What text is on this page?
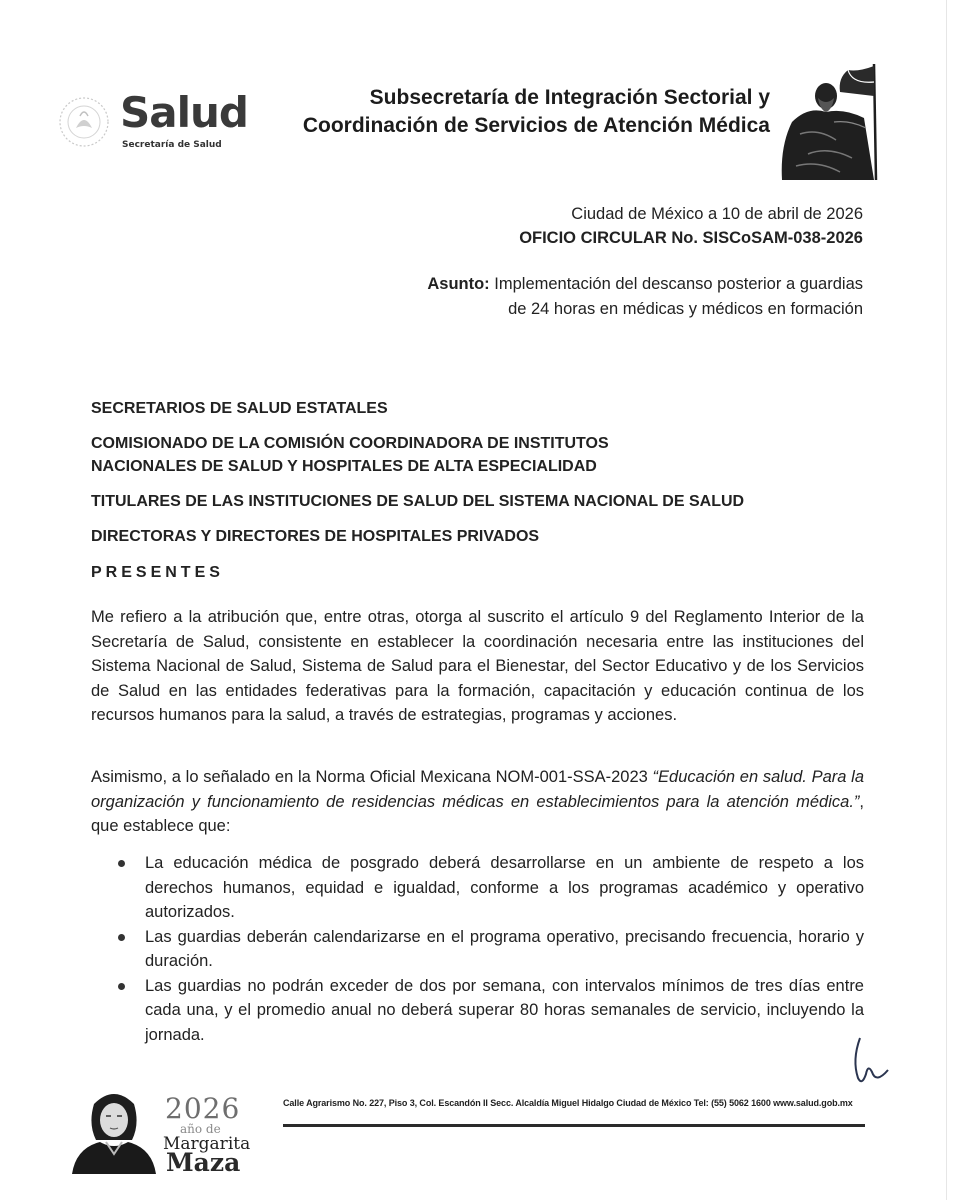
Salud
Secretaría de Salud
Subsecretaría de Integración Sectorial y
Coordinación de Servicios de Atención Médica
Ciudad de México a 10 de abril de 2026
OFICIO CIRCULAR No. SISCoSAM-038-2026
Asunto: Implementación del descanso posterior a guardias
de 24 horas en médicas y médicos en formación
SECRETARIOS DE SALUD ESTATALES
COMISIONADO DE LA COMISIÓN COORDINADORA DE INSTITUTOS
NACIONALES DE SALUD Y HOSPITALES DE ALTA ESPECIALIDAD
TITULARES DE LAS INSTITUCIONES DE SALUD DEL SISTEMA NACIONAL DE SALUD
DIRECTORAS Y DIRECTORES DE HOSPITALES PRIVADOS
PRESENTES
Me refiero a la atribución que, entre otras, otorga al suscrito el artículo 9 del Reglamento Interior de la Secretaría de Salud, consistente en establecer la coordinación necesaria entre las instituciones del Sistema Nacional de Salud, Sistema de Salud para el Bienestar, del Sector Educativo y de los Servicios de Salud en las entidades federativas para la formación, capacitación y educación continua de los recursos humanos para la salud, a través de estrategias, programas y acciones.
Asimismo, a lo señalado en la Norma Oficial Mexicana NOM-001-SSA-2023 “Educación en salud. Para la organización y funcionamiento de residencias médicas en establecimientos para la atención médica.”, que establece que:
La educación médica de posgrado deberá desarrollarse en un ambiente de respeto a los derechos humanos, equidad e igualdad, conforme a los programas académico y operativo autorizados.
Las guardias deberán calendarizarse en el programa operativo, precisando frecuencia, horario y duración.
Las guardias no podrán exceder de dos por semana, con intervalos mínimos de tres días entre cada una, y el promedio anual no deberá superar 80 horas semanales de servicio, incluyendo la jornada.
2026
año de
Margarita
Maza
Calle Agrarismo No. 227, Piso 3, Col. Escandón II Secc. Alcaldía Miguel Hidalgo Ciudad de México Tel: (55) 5062 1600 www.salud.gob.mx
